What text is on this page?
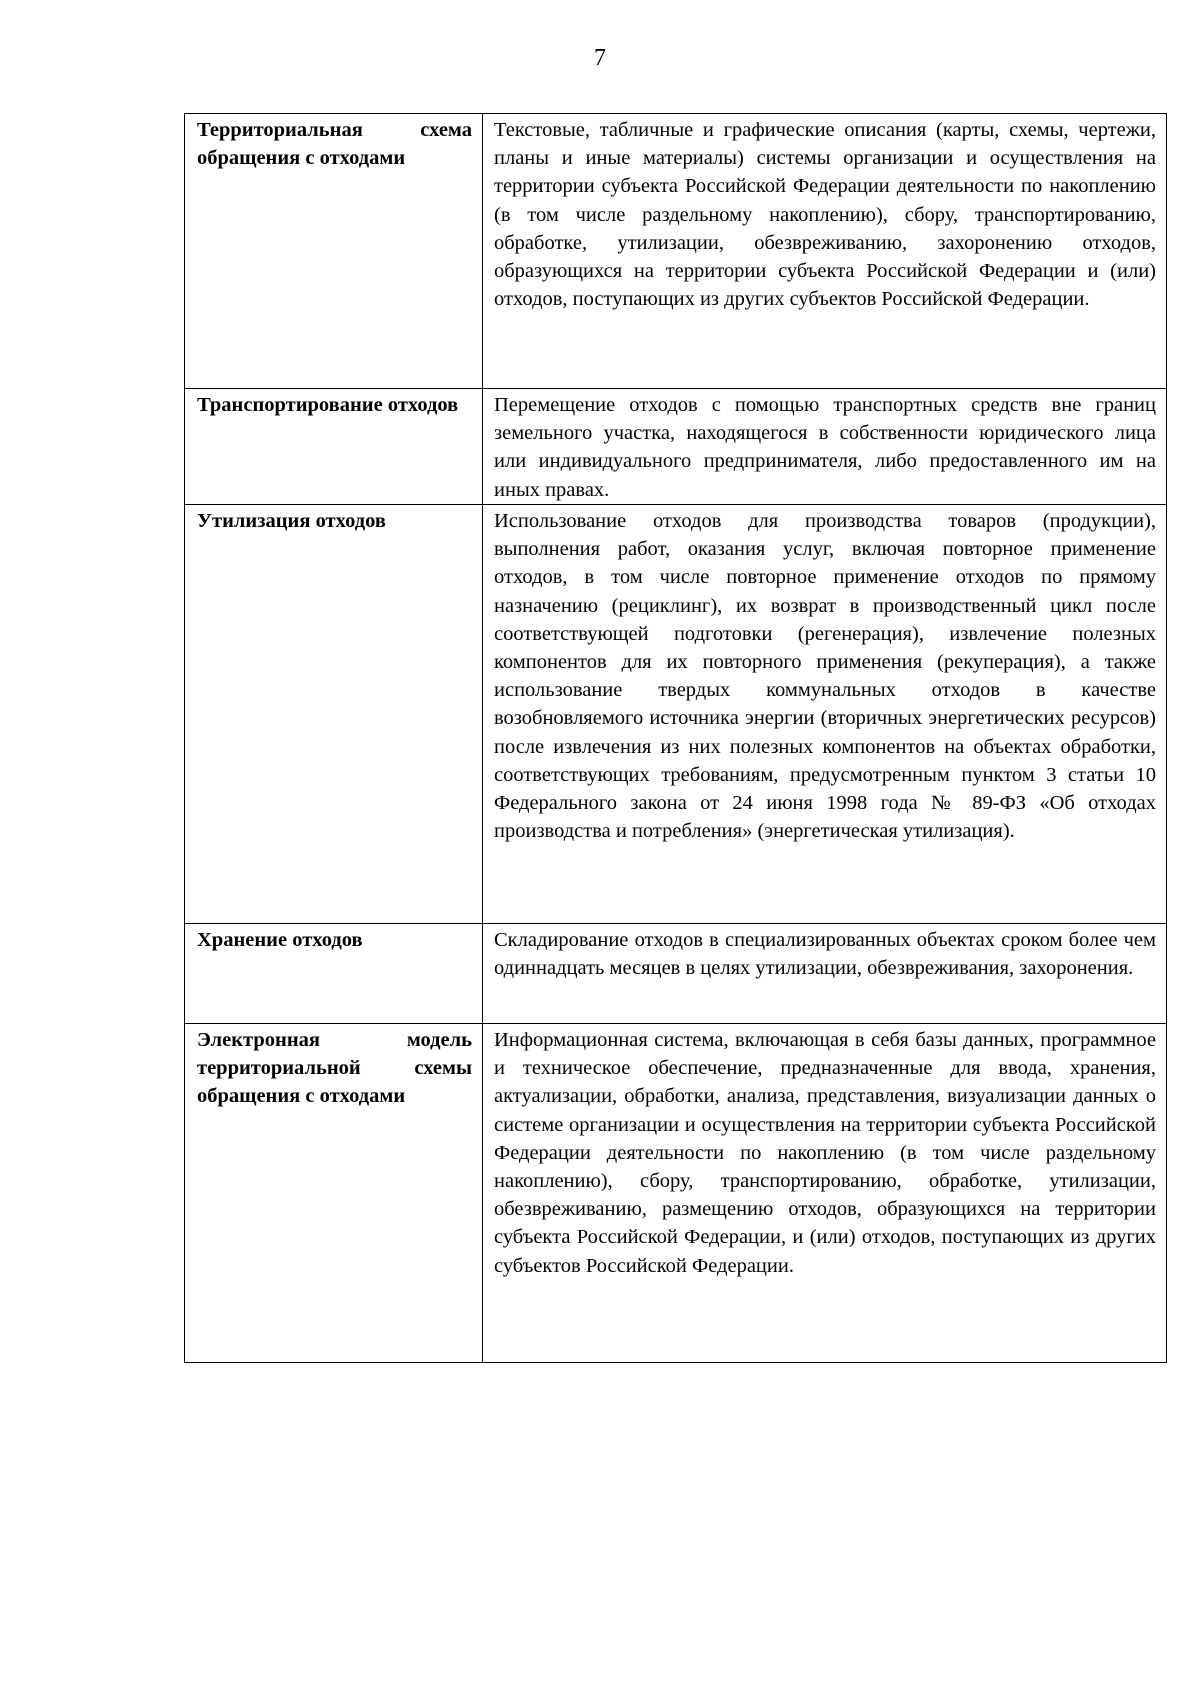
7
Территориальная схема обращения с отходами	Текстовые, табличные и графические описания (карты, схемы, чертежи, планы и иные материалы) системы организации и осуществления на территории субъекта Российской Федерации деятельности по накоплению (в том числе раздельному накоплению), сбору, транспортированию, обработке, утилизации, обезвреживанию, захоронению отходов, образующихся на территории субъекта Российской Федерации и (или) отходов, поступающих из других субъектов Российской Федерации.
Транспортирование отходов	Перемещение отходов с помощью транспортных средств вне границ земельного участка, находящегося в собственности юридического лица или индивидуального предпринимателя, либо предоставленного им на иных правах.
Утилизация отходов	Использование отходов для производства товаров (продукции), выполнения работ, оказания услуг, включая повторное применение отходов, в том числе повторное применение отходов по прямому назначению (рециклинг), их возврат в производственный цикл после соответствующей подготовки (регенерация), извлечение полезных компонентов для их повторного применения (рекуперация), а также использование твердых коммунальных отходов в качестве возобновляемого источника энергии (вторичных энергетических ресурсов) после извлечения из них полезных компонентов на объектах обработки, соответствующих требованиям, предусмотренным пунктом 3 статьи 10 Федерального закона от 24 июня 1998 года № 89-ФЗ «Об отходах производства и потребления» (энергетическая утилизация).
Хранение отходов	Складирование отходов в специализированных объектах сроком более чем одиннадцать месяцев в целях утилизации, обезвреживания, захоронения.
Электронная модель территориальной схемы обращения с отходами	Информационная система, включающая в себя базы данных, программное и техническое обеспечение, предназначенные для ввода, хранения, актуализации, обработки, анализа, представления, визуализации данных о системе организации и осуществления на территории субъекта Российской Федерации деятельности по накоплению (в том числе раздельному накоплению), сбору, транспортированию, обработке, утилизации, обезвреживанию, размещению отходов, образующихся на территории субъекта Российской Федерации, и (или) отходов, поступающих из других субъектов Российской Федерации.
